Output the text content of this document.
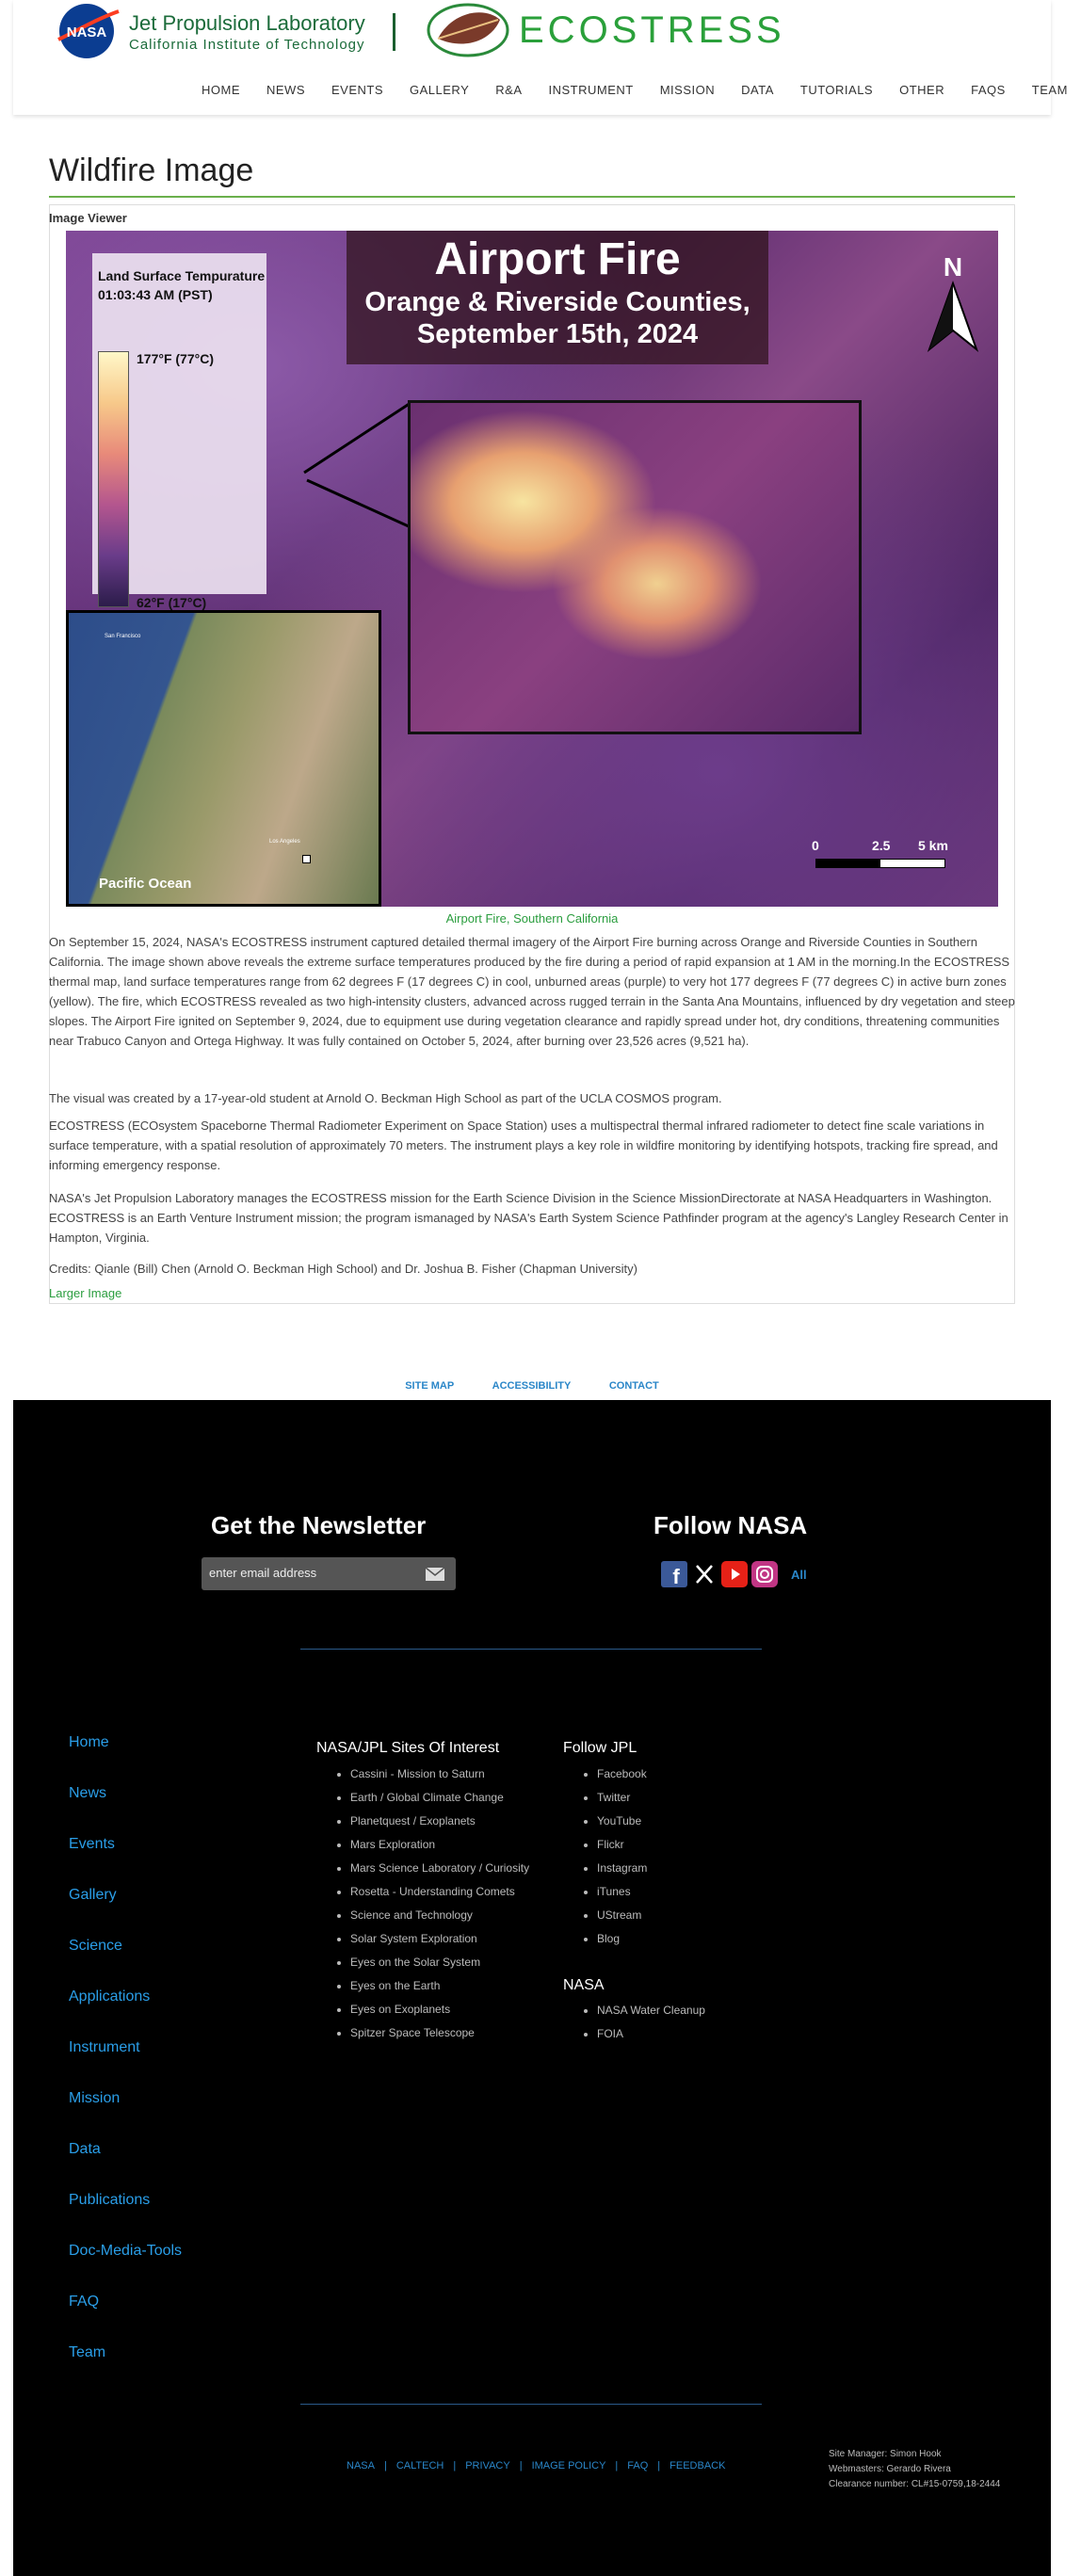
NASA Jet Propulsion Laboratory
California Institute of Technology	ECOSTRESS
HOME	NEWS	EVENTS	GALLERY	R&A	INSTRUMENT	MISSION	DATA	TUTORIALS	OTHER	FAQS	TEAM
Wildfire Image
Image Viewer
Airport Fire
Orange & Riverside Counties,
September 15th, 2024
Land Surface Tempurature
01:03:43 AM (PST)
177°F (77°C)
62°F (17°C)
N
San Francisco
Los Angeles
Pacific Ocean
0	2.5 5 km
Airport Fire, Southern California

On September 15, 2024, NASA's ECOSTRESS instrument captured detailed thermal imagery of the Airport Fire burning across Orange and Riverside Counties in Southern California. The image shown above reveals the extreme surface temperatures produced by the fire during a period of rapid expansion at 1 AM in the morning.In the ECOSTRESS thermal map, land surface temperatures range from 62 degrees F (17 degrees C) in cool, unburned areas (purple) to very hot 177 degrees F (77 degrees C) in active burn zones (yellow). The fire, which ECOSTRESS revealed as two high-intensity clusters, advanced across rugged terrain in the Santa Ana Mountains, influenced by dry vegetation and steep slopes. The Airport Fire ignited on September 9, 2024, due to equipment use during vegetation clearance and rapidly spread under hot, dry conditions, threatening communities near Trabuco Canyon and Ortega Highway. It was fully contained on October 5, 2024, after burning over 23,526 acres (9,521 ha).

The visual was created by a 17-year-old student at Arnold O. Beckman High School as part of the UCLA COSMOS program.

ECOSTRESS (ECOsystem Spaceborne Thermal Radiometer Experiment on Space Station) uses a multispectral thermal infrared radiometer to detect fine scale variations in surface temperature, with a spatial resolution of approximately 70 meters. The instrument plays a key role in wildfire monitoring by identifying hotspots, tracking fire spread, and informing emergency response.

NASA's Jet Propulsion Laboratory manages the ECOSTRESS mission for the Earth Science Division in the Science MissionDirectorate at NASA Headquarters in Washington. ECOSTRESS is an Earth Venture Instrument mission; the program ismanaged by NASA's Earth System Science Pathfinder program at the agency's Langley Research Center in Hampton, Virginia.

Credits: Qianle (Bill) Chen (Arnold O. Beckman High School) and Dr. Joshua B. Fisher (Chapman University)

Larger Image
SITE MAP	ACCESSIBILITY	CONTACT
Get the Newsletter
enter email address
Follow NASA
f	All
Home
News
Events
Gallery
Science
Applications
Instrument
Mission
Data
Publications
Doc-Media-Tools
FAQ
Team
NASA/JPL Sites Of Interest
• Cassini - Mission to Saturn
• Earth / Global Climate Change
• Planetquest / Exoplanets
• Mars Exploration
• Mars Science Laboratory / Curiosity
• Rosetta - Understanding Comets
• Science and Technology
• Solar System Exploration
• Eyes on the Solar System
• Eyes on the Earth
• Eyes on Exoplanets
• Spitzer Space Telescope
Follow JPL
• Facebook
• Twitter
• YouTube
• Flickr
• Instagram
• iTunes
• UStream
• Blog
NASA
• NASA Water Cleanup
• FOIA
NASA | CALTECH | PRIVACY | IMAGE POLICY | FAQ | FEEDBACK
Site Manager: Simon Hook
Webmasters: Gerardo Rivera
Clearance number: CL#15-0759,18-2444
